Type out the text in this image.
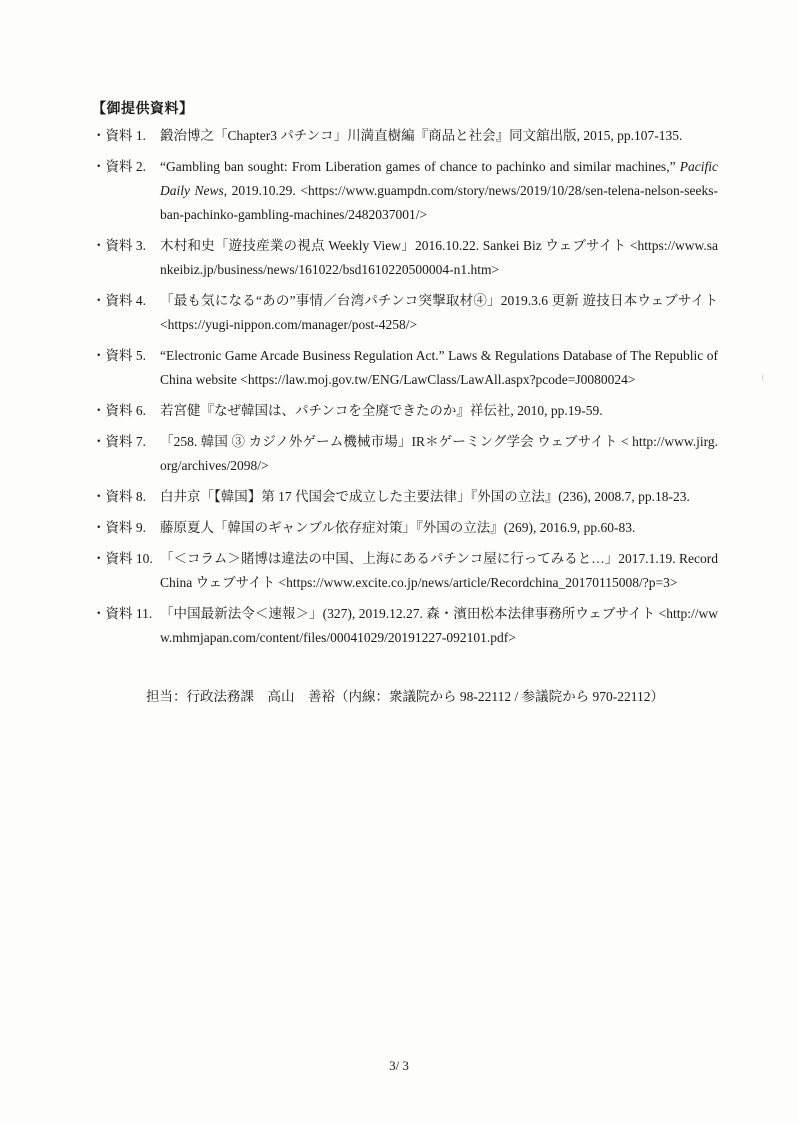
【御提供資料】
・資料 1. 鍛治博之「Chapter3 パチンコ」川満直樹編『商品と社会』同文舘出版, 2015, pp.107-135.
・資料 2. “Gambling ban sought: From Liberation games of chance to pachinko and similar machines,” Pacific Daily News, 2019.10.29. <https://www.guampdn.com/story/news/2019/10/28/sen-telena-nelson-seeks-ban-pachinko-gambling-machines/2482037001/>
・資料 3. 木村和史「遊技産業の視点 Weekly View」2016.10.22. Sankei Biz ウェブサイト <https://www.sankeibiz.jp/business/news/161022/bsd1610220500004-n1.htm>
・資料 4. 「最も気になる“あの”事情／台湾パチンコ突撃取材④」2019.3.6 更新 遊技日本ウェブサイト <https://yugi-nippon.com/manager/post-4258/>
・資料 5. “Electronic Game Arcade Business Regulation Act.” Laws & Regulations Database of The Republic of China website <https://law.moj.gov.tw/ENG/LawClass/LawAll.aspx?pcode=J0080024>
・資料 6. 若宮健『なぜ韓国は、パチンコを全廃できたのか』祥伝社, 2010, pp.19-59.
・資料 7. 「258. 韓国 ③ カジノ外ゲーム機械市場」IR＊ゲーミング学会 ウェブサイト < http://www.jirg.org/archives/2098/>
・資料 8. 白井京「【韓国】第 17 代国会で成立した主要法律」『外国の立法』(236), 2008.7, pp.18-23.
・資料 9. 藤原夏人「韓国のギャンブル依存症対策」『外国の立法』(269), 2016.9, pp.60-83.
・資料 10. 「＜コラム＞賭博は違法の中国、上海にあるパチンコ屋に行ってみると…」2017.1.19. Record China ウェブサイト <https://www.excite.co.jp/news/article/Recordchina_20170115008/?p=3>
・資料 11. 「中国最新法令＜速報＞」(327), 2019.12.27. 森・濱田松本法律事務所ウェブサイト <http://www.mhmjapan.com/content/files/00041029/20191227-092101.pdf>
担当：行政法務課　高山　善裕（内線：衆議院から 98-22112 / 参議院から 970-22112）
3/ 3
